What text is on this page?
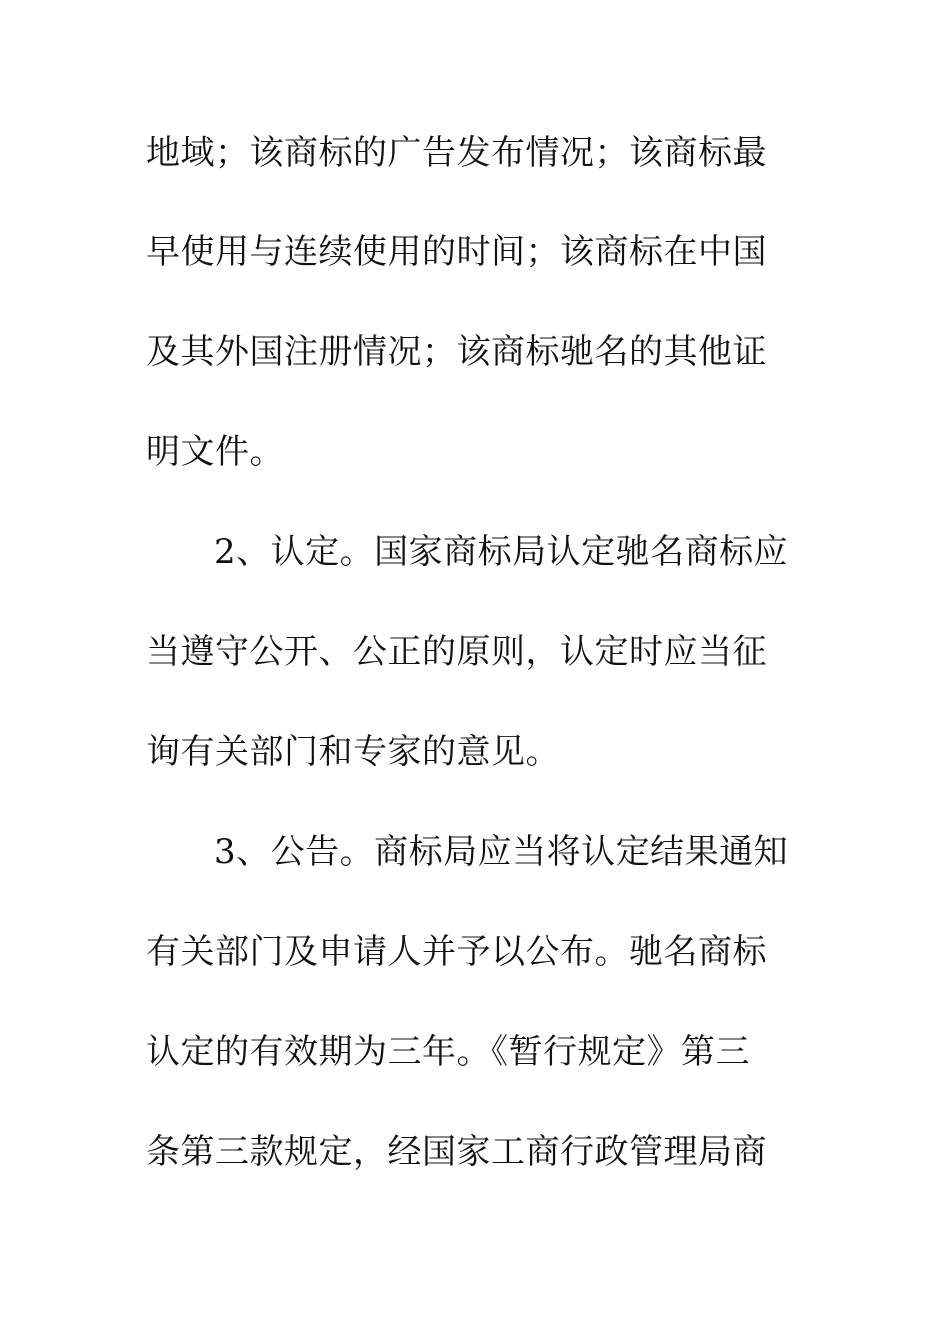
地域；该商标的广告发布情况；该商标最
早使用与连续使用的时间；该商标在中国
及其外国注册情况；该商标驰名的其他证
明文件。
2、认定。国家商标局认定驰名商标应
当遵守公开、公正的原则，认定时应当征
询有关部门和专家的意见。
3、公告。商标局应当将认定结果通知
有关部门及申请人并予以公布。驰名商标
认定的有效期为三年。《暂行规定》第三
条第三款规定，经国家工商行政管理局商
